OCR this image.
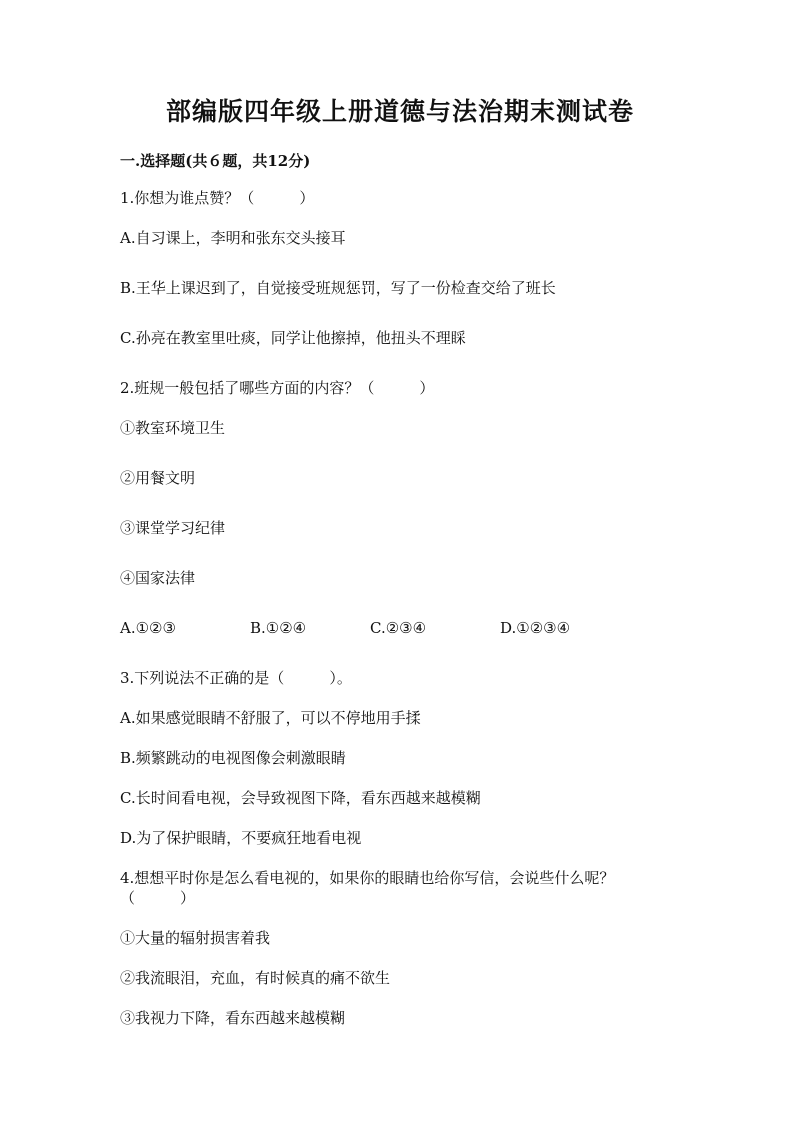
部编版四年级上册道德与法治期末测试卷

一.选择题(共６题，共12分)

1.你想为谁点赞？（　　　）

A.自习课上，李明和张东交头接耳

B.王华上课迟到了，自觉接受班规惩罚，写了一份检查交给了班长

C.孙亮在教室里吐痰，同学让他擦掉，他扭头不理睬

2.班规一般包括了哪些方面的内容？（　　　）

①教室环境卫生

②用餐文明

③课堂学习纪律

④国家法律

A.①②③	B.①②④	C.②③④	D.①②③④

3.下列说法不正确的是（　　　）。

A.如果感觉眼睛不舒服了，可以不停地用手揉

B.频繁跳动的电视图像会刺激眼睛

C.长时间看电视，会导致视图下降，看东西越来越模糊

D.为了保护眼睛，不要疯狂地看电视

4.想想平时你是怎么看电视的，如果你的眼睛也给你写信，会说些什么呢？（　　　）

①大量的辐射损害着我

②我流眼泪，充血，有时候真的痛不欲生

③我视力下降，看东西越来越模糊
